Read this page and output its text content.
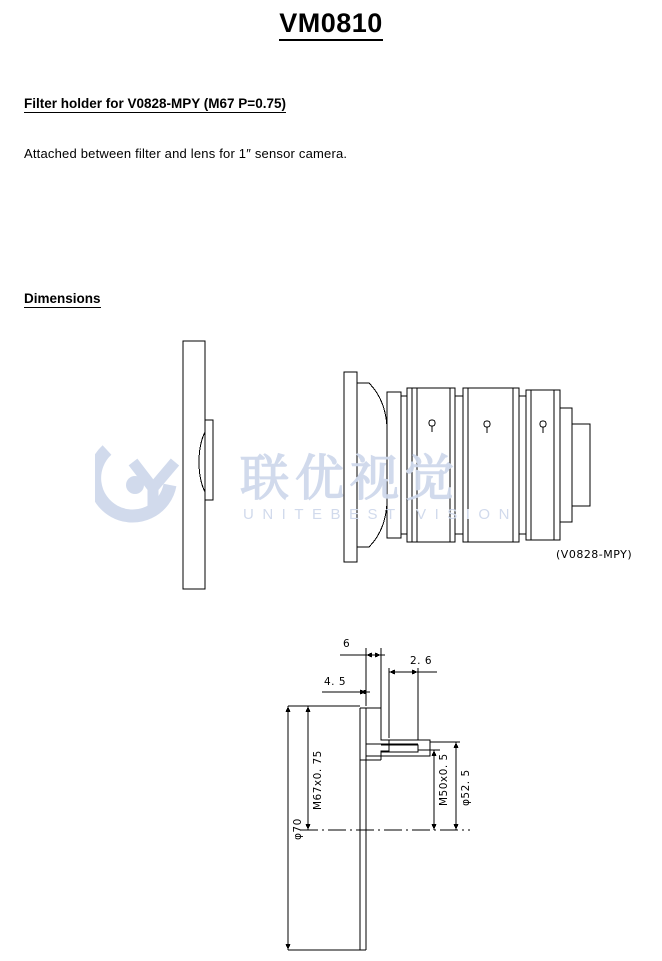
VM0810
Filter holder for V0828-MPY (M67 P=0.75)
Attached between filter and lens for 1″ sensor camera.
Dimensions
联优视觉
UNITEBEST VISION
(V0828-MPY)
6
2. 6
4. 5
M67x0. 75
φ70
M50x0. 5 φ52. 5
